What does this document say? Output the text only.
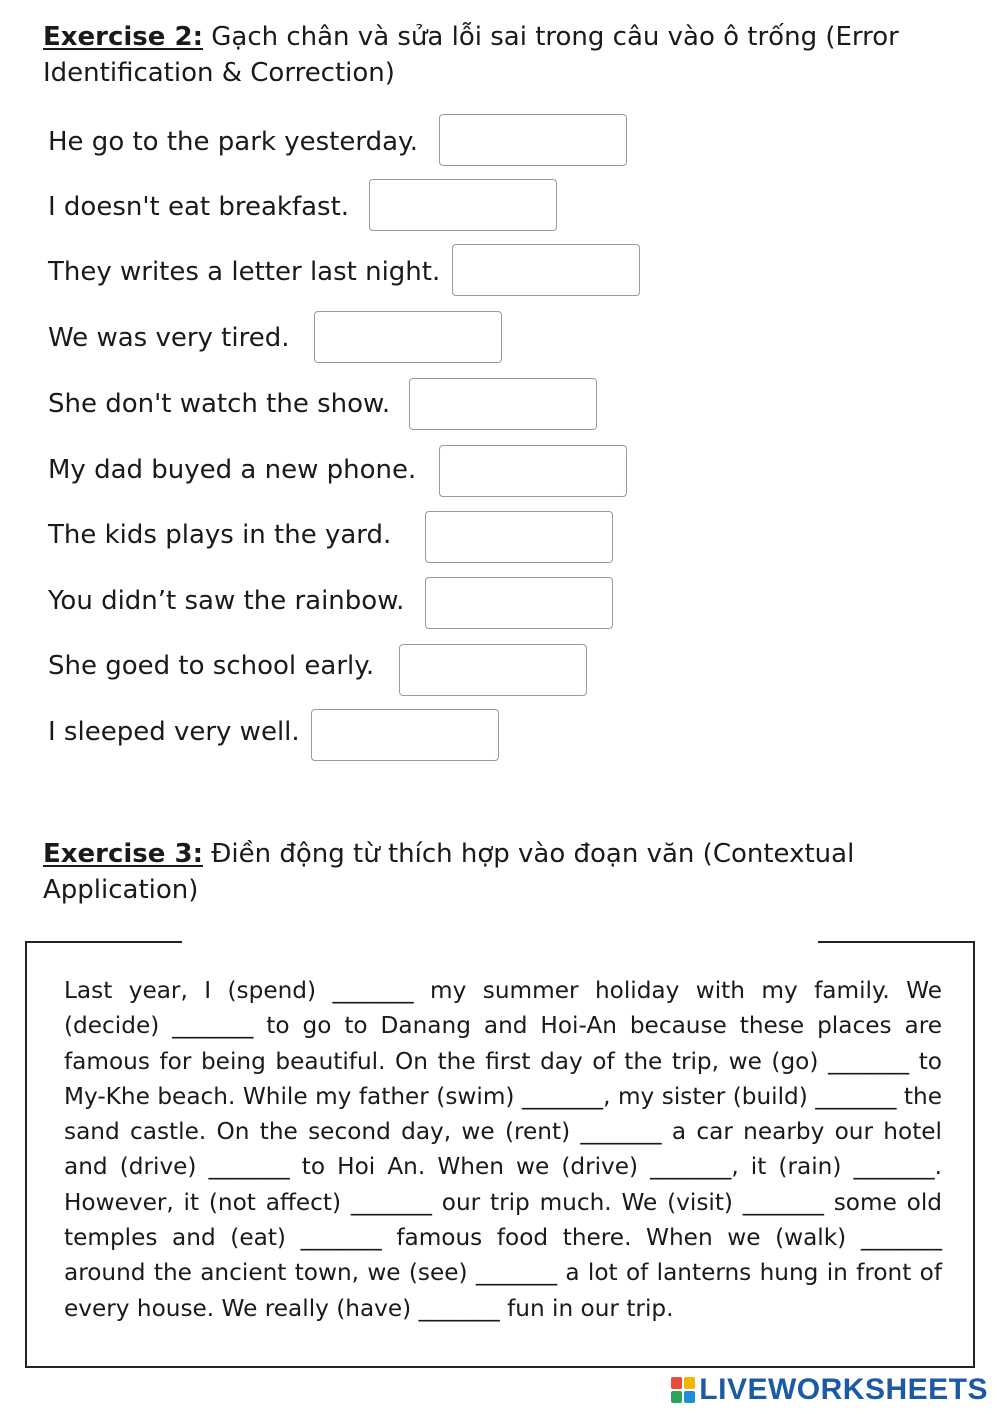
Exercise 2: Gạch chân và sửa lỗi sai trong câu vào ô trống (Error Identification & Correction)
He go to the park yesterday.
I doesn't eat breakfast.
They writes a letter last night.
We was very tired.
She don't watch the show.
My dad buyed a new phone.
The kids plays in the yard.
You didn’t saw the rainbow.
She goed to school early.
I sleeped very well.
Exercise 3: Điền động từ thích hợp vào đoạn văn (Contextual Application)
Last year, I (spend) _______ my summer holiday with my family. We (decide) _______ to go to Danang and Hoi-An because these places are famous for being beautiful. On the first day of the trip, we (go) _______ to My-Khe beach. While my father (swim) _______, my sister (build) _______ the sand castle. On the second day, we (rent) _______ a car nearby our hotel and (drive) _______ to Hoi An. When we (drive) _______, it (rain) _______. However, it (not affect) _______ our trip much. We (visit) _______ some old temples and (eat) _______ famous food there. When we (walk) _______ around the ancient town, we (see) _______ a lot of lanterns hung in front of every house. We really (have) _______ fun in our trip.
LIVEWORKSHEETS
